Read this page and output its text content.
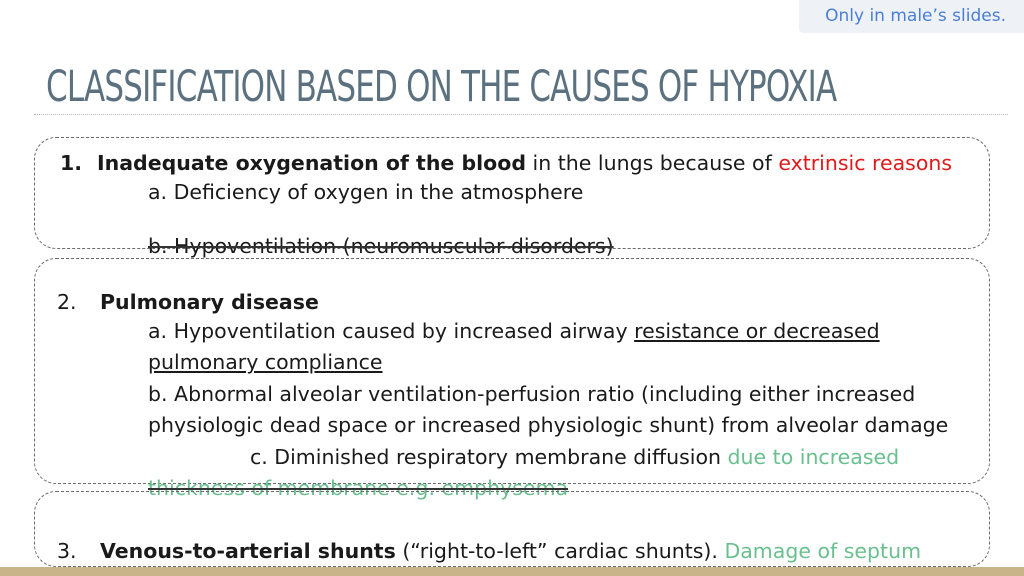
Only in male’s slides.
CLASSIFICATION BASED ON THE CAUSES OF HYPOXIA
1. Inadequate oxygenation of the blood in the lungs because of extrinsic reasons
a. Deficiency of oxygen in the atmosphere
b. Hypoventilation (neuromuscular disorders)
2. Pulmonary disease
a. Hypoventilation caused by increased airway resistance or decreased
pulmonary compliance
b. Abnormal alveolar ventilation-perfusion ratio (including either increased
physiologic dead space or increased physiologic shunt) from alveolar damage
c. Diminished respiratory membrane diffusion due to increased
thickness of membrane e.g. emphysema
3. Venous-to-arterial shunts (“right-to-left” cardiac shunts). Damage of septum
